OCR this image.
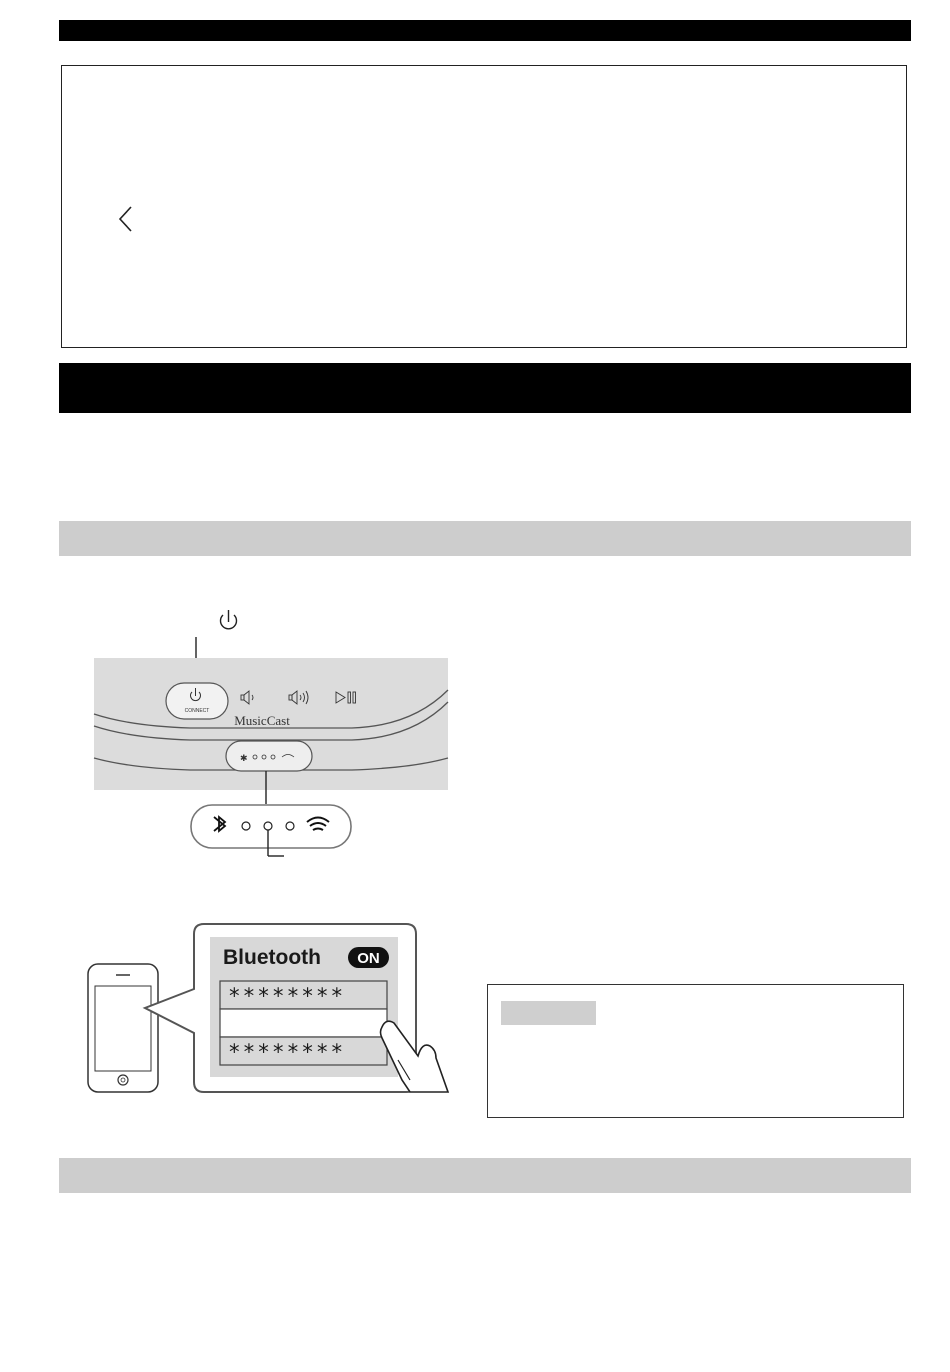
CONNECT
MusicCast
✱
Bluetooth ON
********
********
